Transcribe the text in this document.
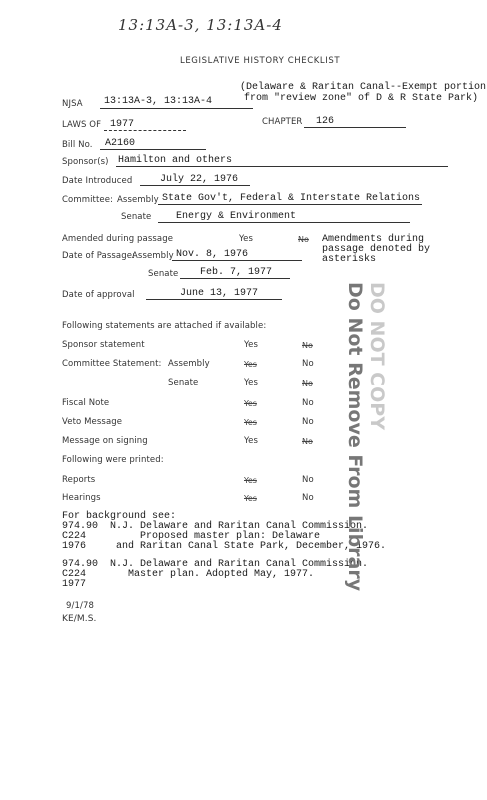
13:13A-3, 13:13A-4
LEGISLATIVE HISTORY CHECKLIST
(Delaware & Raritan Canal--Exempt portion
from "review zone" of D & R State Park)
NJSA 13:13A-3, 13:13A-4
LAWS OF 1977	CHAPTER 126
Bill No. A2160
Sponsor(s) Hamilton and others
Date Introduced	July 22, 1976
Committee: Assembly State Gov't, Federal & Interstate Relations
Senate Energy & Environment
Amended during passage	Yes	No Amendments during
passage denoted by
asterisks
Date of Passage:
Assembly Nov. 8, 1976
Senate Feb. 7, 1977
Date of approval	June 13, 1977
Following statements are attached if available:
Sponsor statement	Yes	No
Committee Statement: Assembly	Yes	No
Senate	Yes	No
Fiscal Note	Yes	No
Veto Message	Yes	No
Message on signing	Yes	No
Following were printed:
Reports	Yes	No
Hearings	Yes	No
For background see:
974.90  N.J. Delaware and Raritan Canal Commission.
C224         Proposed master plan: Delaware
1976     and Raritan Canal State Park, December, 1976.
974.90  N.J. Delaware and Raritan Canal Commission.
C224       Master plan. Adopted May, 1977.
1977
9/1/78
KE/M.S.
DO NOT COPY
Do Not Remove From Library
